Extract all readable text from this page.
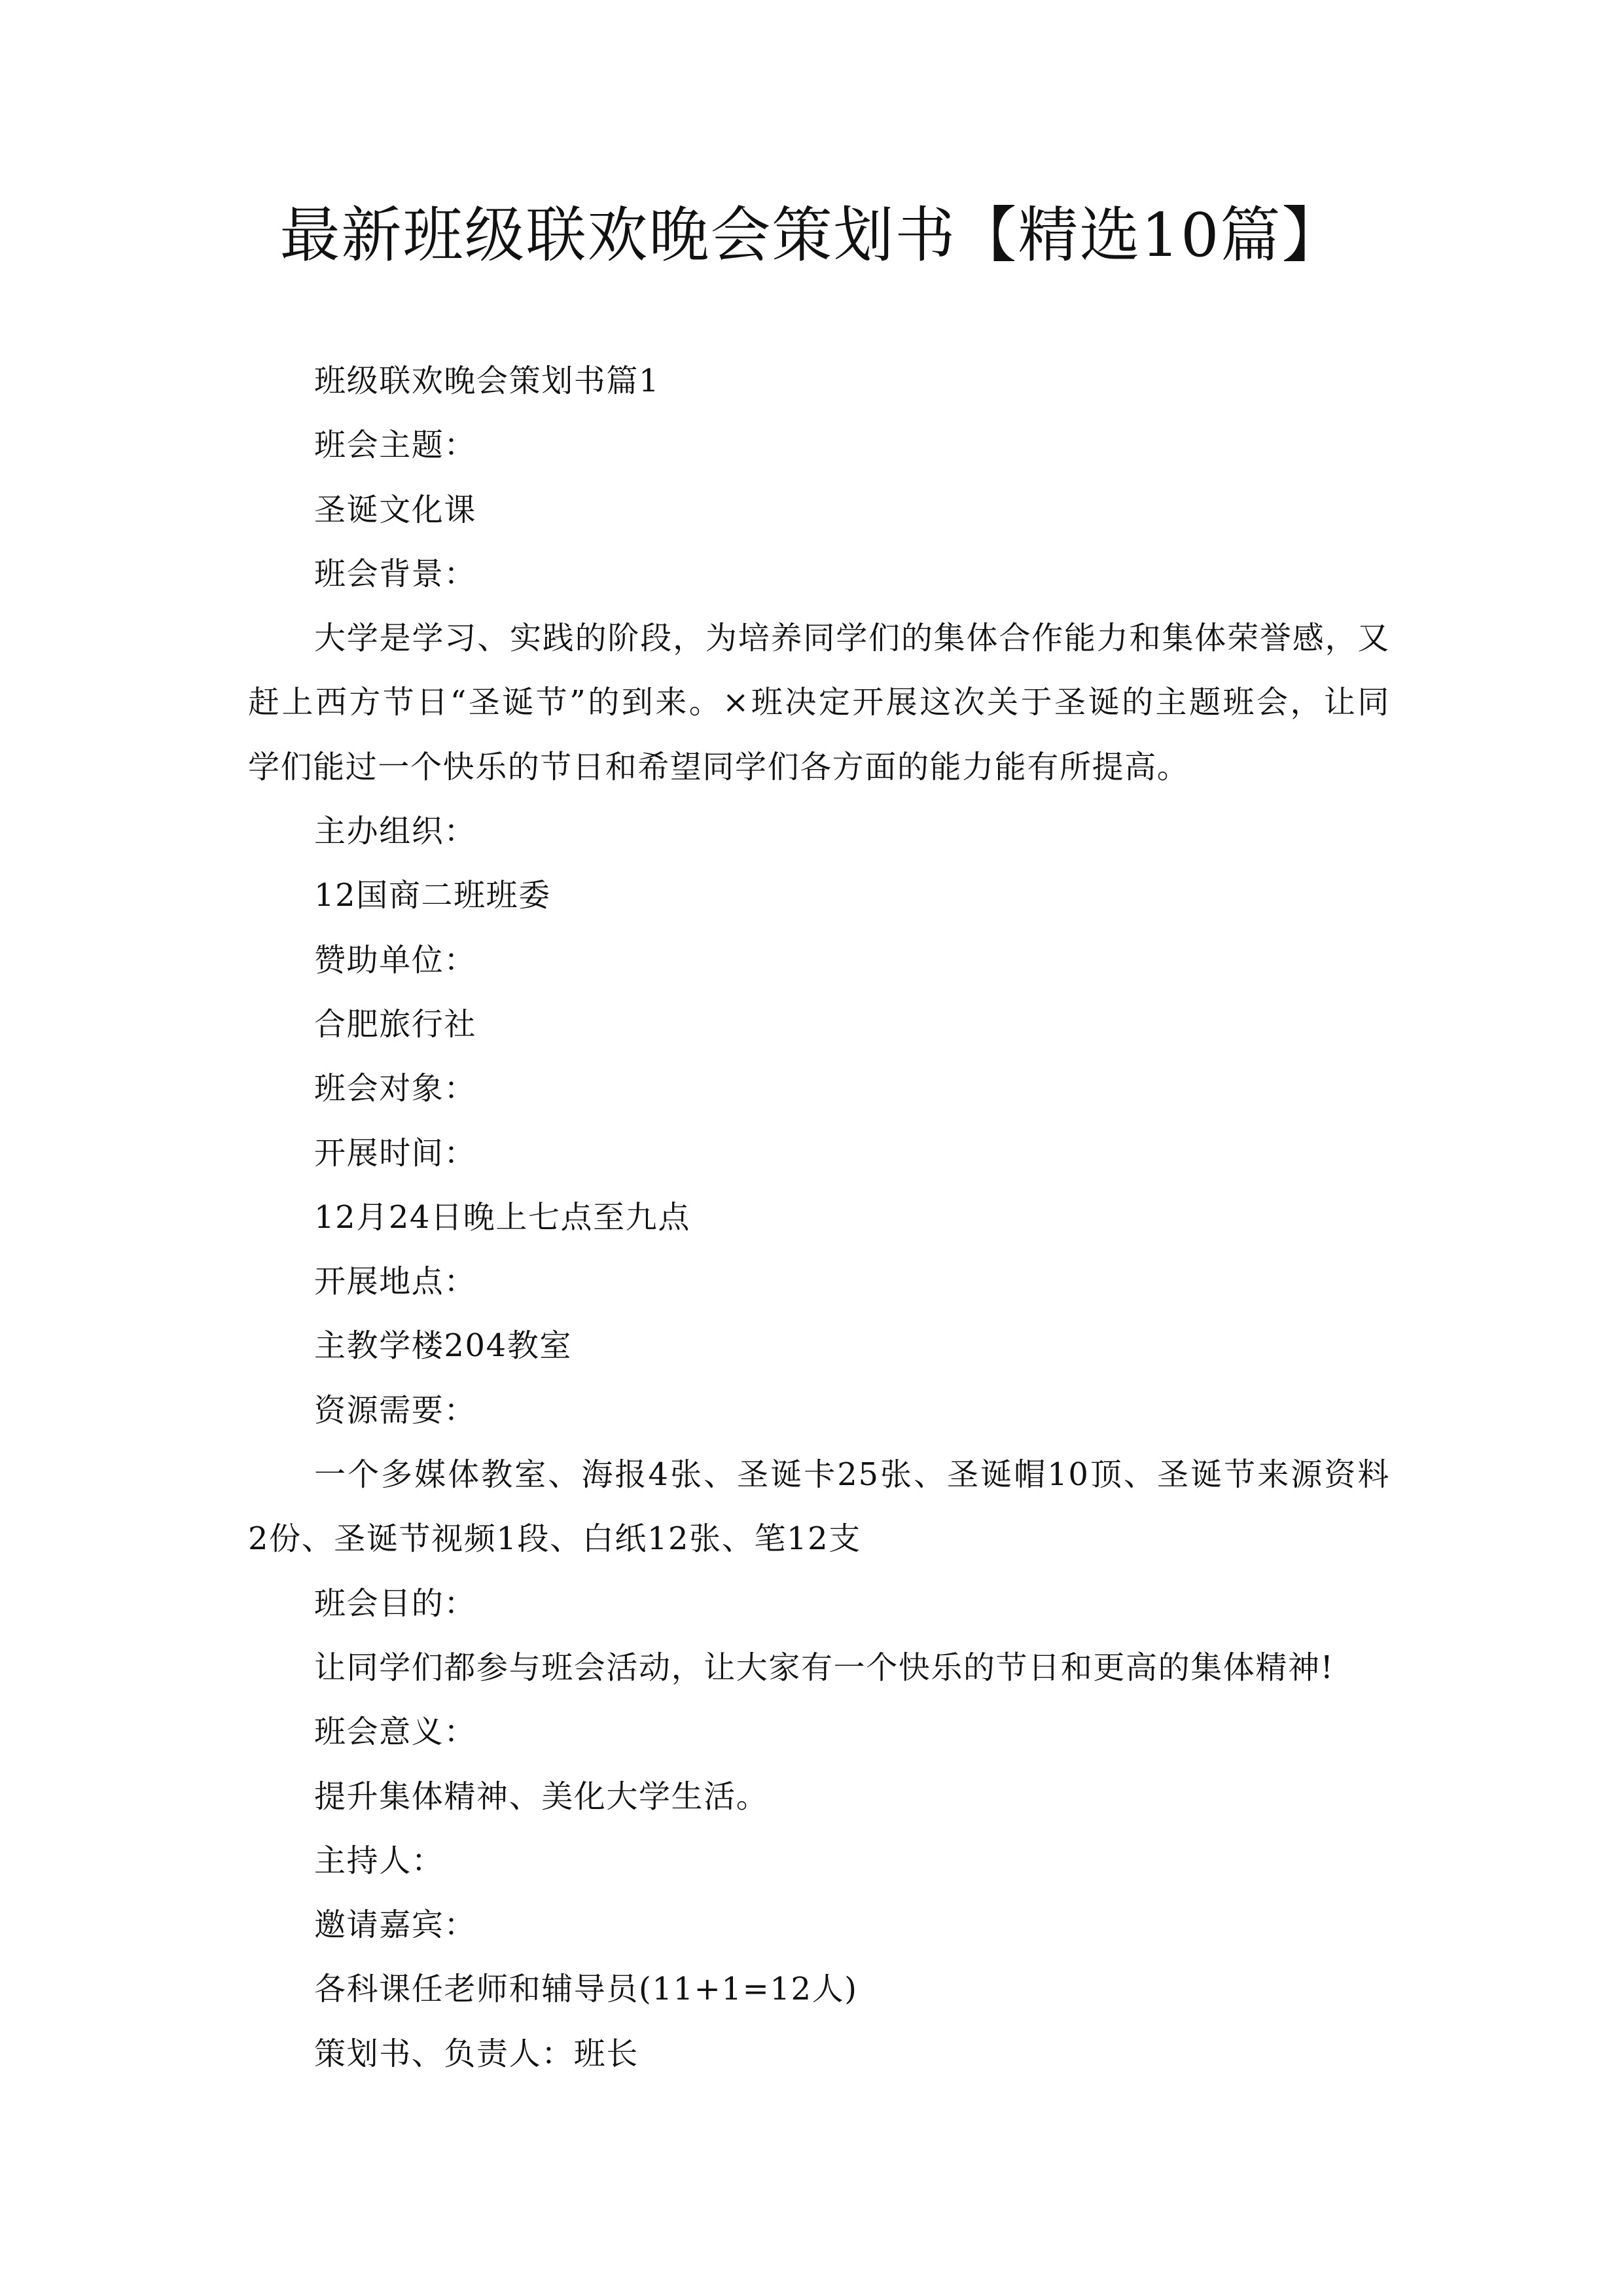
最新班级联欢晚会策划书【精选10篇】
班级联欢晚会策划书篇1
班会主题：
圣诞文化课
班会背景：
大学是学习、实践的阶段，为培养同学们的集体合作能力和集体荣誉感，又
赶上西方节日“圣诞节”的到来。×班决定开展这次关于圣诞的主题班会，让同
学们能过一个快乐的节日和希望同学们各方面的能力能有所提高。
主办组织：
12国商二班班委
赞助单位：
合肥旅行社
班会对象：
开展时间：
12月24日晚上七点至九点
开展地点：
主教学楼204教室
资源需要：
一个多媒体教室、海报4张、圣诞卡25张、圣诞帽10顶、圣诞节来源资料
2份、圣诞节视频1段、白纸12张、笔12支
班会目的：
让同学们都参与班会活动，让大家有一个快乐的节日和更高的集体精神!
班会意义：
提升集体精神、美化大学生活。
主持人：
邀请嘉宾：
各科课任老师和辅导员(11+1=12人)
策划书、负责人：班长
